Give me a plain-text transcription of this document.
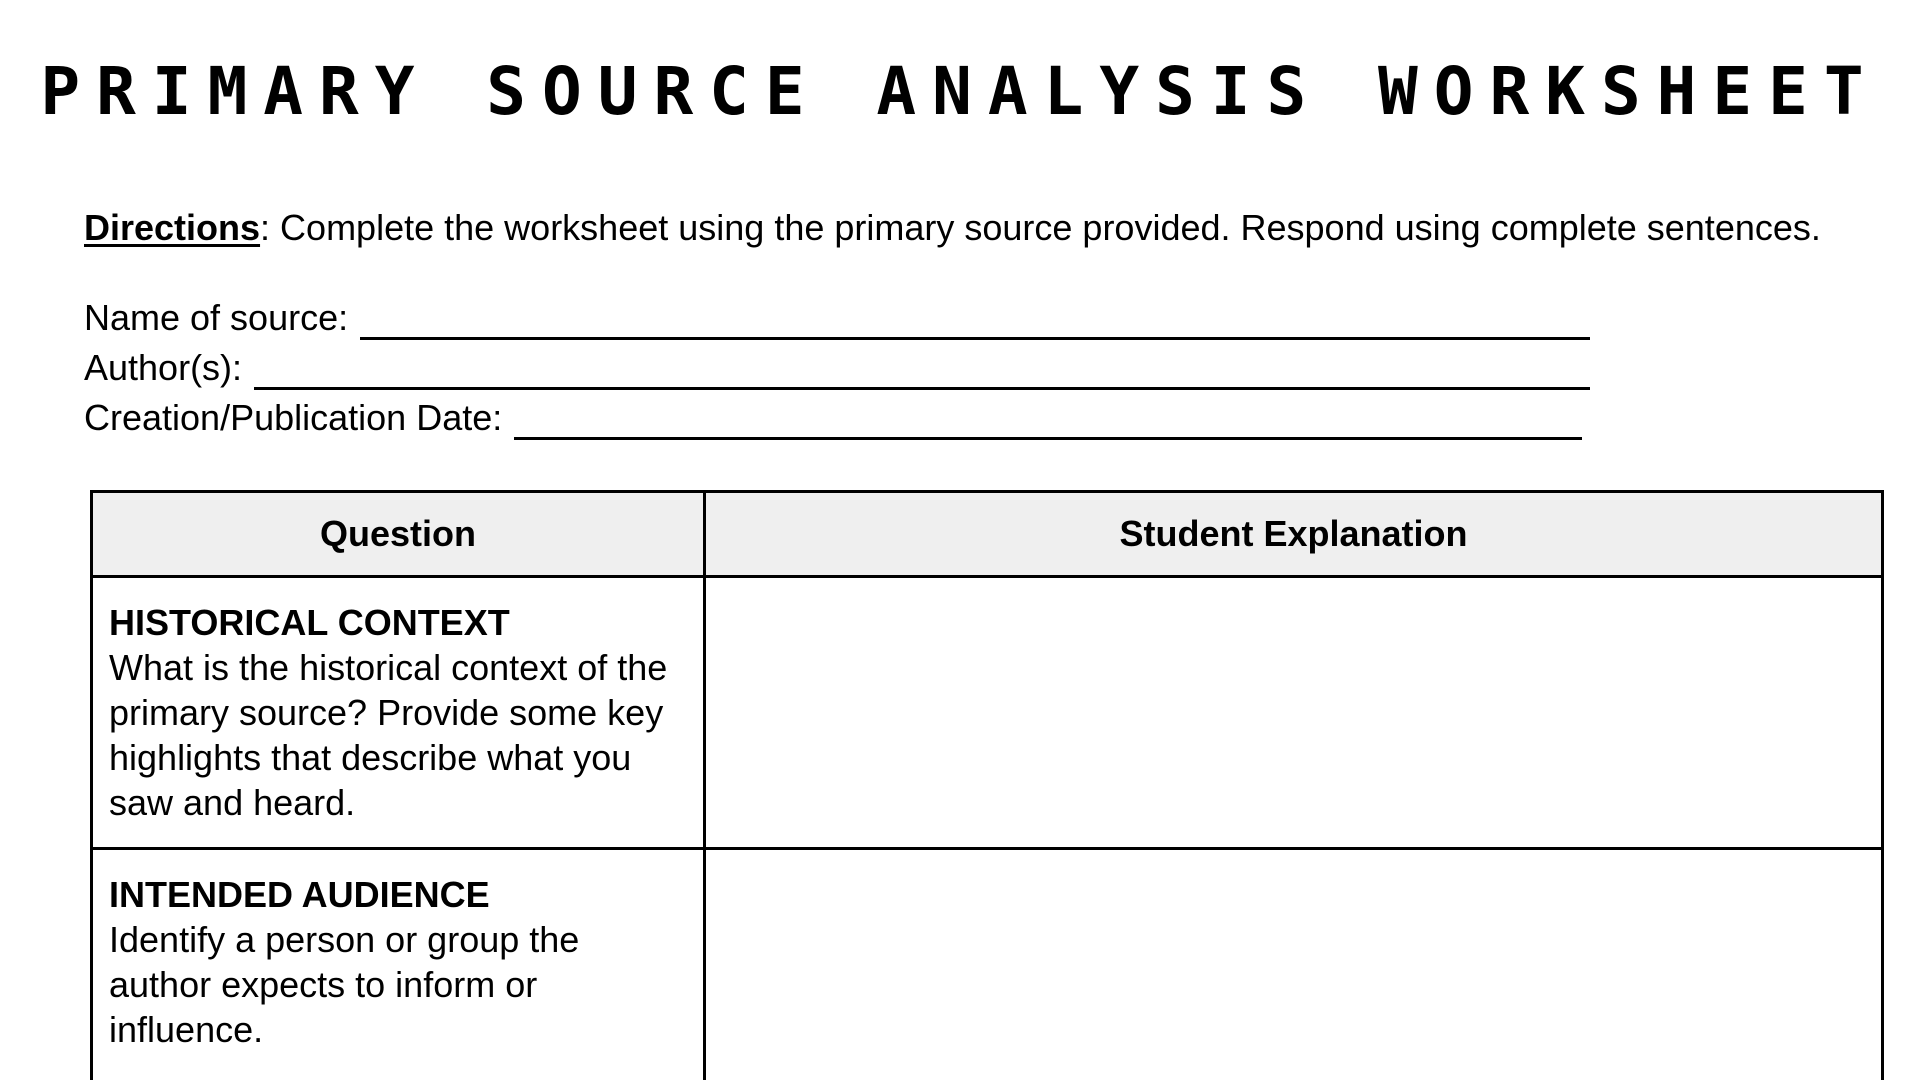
PRIMARY SOURCE ANALYSIS WORKSHEET
Directions: Complete the worksheet using the primary source provided. Respond using complete sentences.
Name of source:
Author(s):
Creation/Publication Date:
Question	Student Explanation

HISTORICAL CONTEXT
What is the historical context of the primary source? Provide some key highlights that describe what you saw and heard.	

INTENDED AUDIENCE
Identify a person or group the author expects to inform or influence.	
